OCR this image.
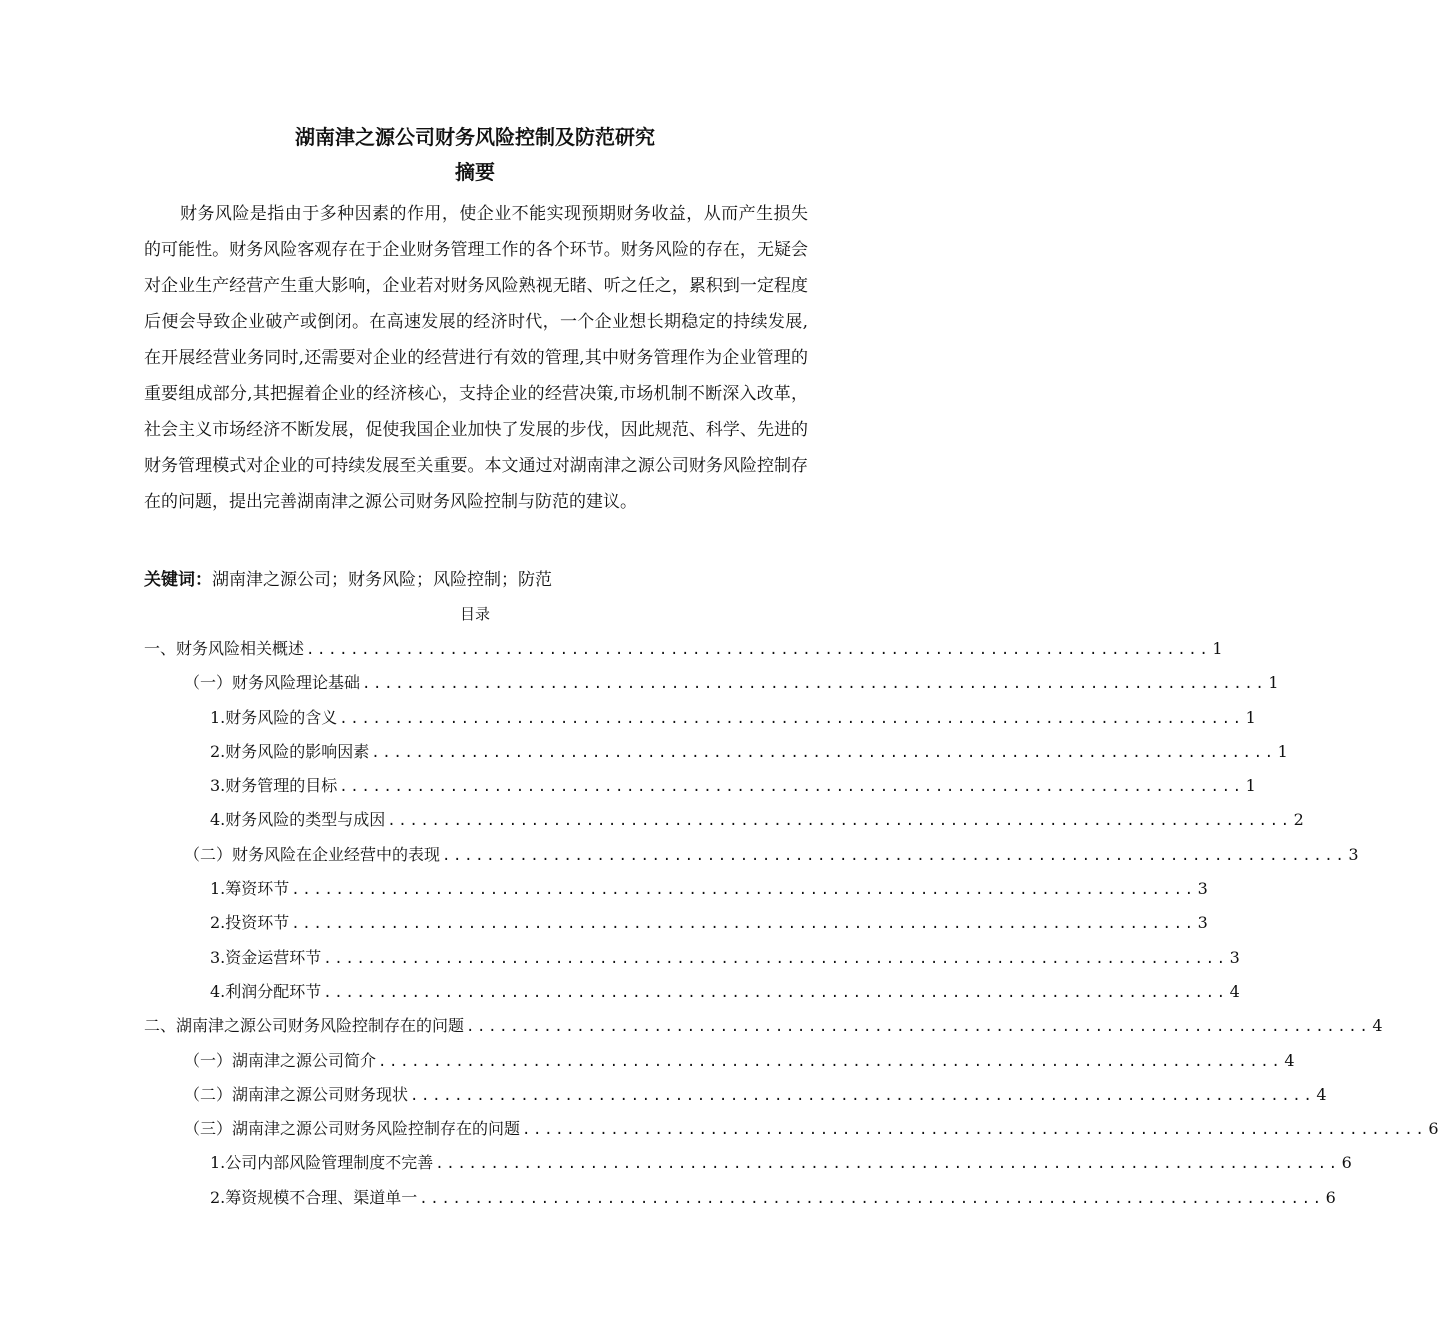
湖南津之源公司财务风险控制及防范研究
摘要

财务风险是指由于多种因素的作用，使企业不能实现预期财务收益，从而产生损失的可能性。财务风险客观存在于企业财务管理工作的各个环节。财务风险的存在，无疑会对企业生产经营产生重大影响，企业若对财务风险熟视无睹、听之任之，累积到一定程度后便会导致企业破产或倒闭。在高速发展的经济时代，一个企业想长期稳定的持续发展,在开展经营业务同时,还需要对企业的经营进行有效的管理,其中财务管理作为企业管理的重要组成部分,其把握着企业的经济核心，支持企业的经营决策,市场机制不断深入改革，社会主义市场经济不断发展，促使我国企业加快了发展的步伐，因此规范、科学、先进的财务管理模式对企业的可持续发展至关重要。本文通过对湖南津之源公司财务风险控制存在的问题，提出完善湖南津之源公司财务风险控制与防范的建议。

关键词：湖南津之源公司；财务风险；风险控制；防范
目录
一、财务风险相关概述 .................................................................................. 1
（一）财务风险理论基础 .................................................................................. 1
1.财务风险的含义 .................................................................................. 1
2.财务风险的影响因素 .................................................................................. 1
3.财务管理的目标 .................................................................................. 1
4.财务风险的类型与成因 .................................................................................. 2
（二）财务风险在企业经营中的表现 .................................................................................. 3
1.筹资环节 .................................................................................. 3
2.投资环节 .................................................................................. 3
3.资金运营环节 .................................................................................. 3
4.利润分配环节 .................................................................................. 4
二、湖南津之源公司财务风险控制存在的问题 .................................................................................. 4
（一）湖南津之源公司简介 .................................................................................. 4
（二）湖南津之源公司财务现状 .................................................................................. 4
（三）湖南津之源公司财务风险控制存在的问题 .................................................................................. 6
1.公司内部风险管理制度不完善 .................................................................................. 6
2.筹资规模不合理、渠道单一 .................................................................................. 6
